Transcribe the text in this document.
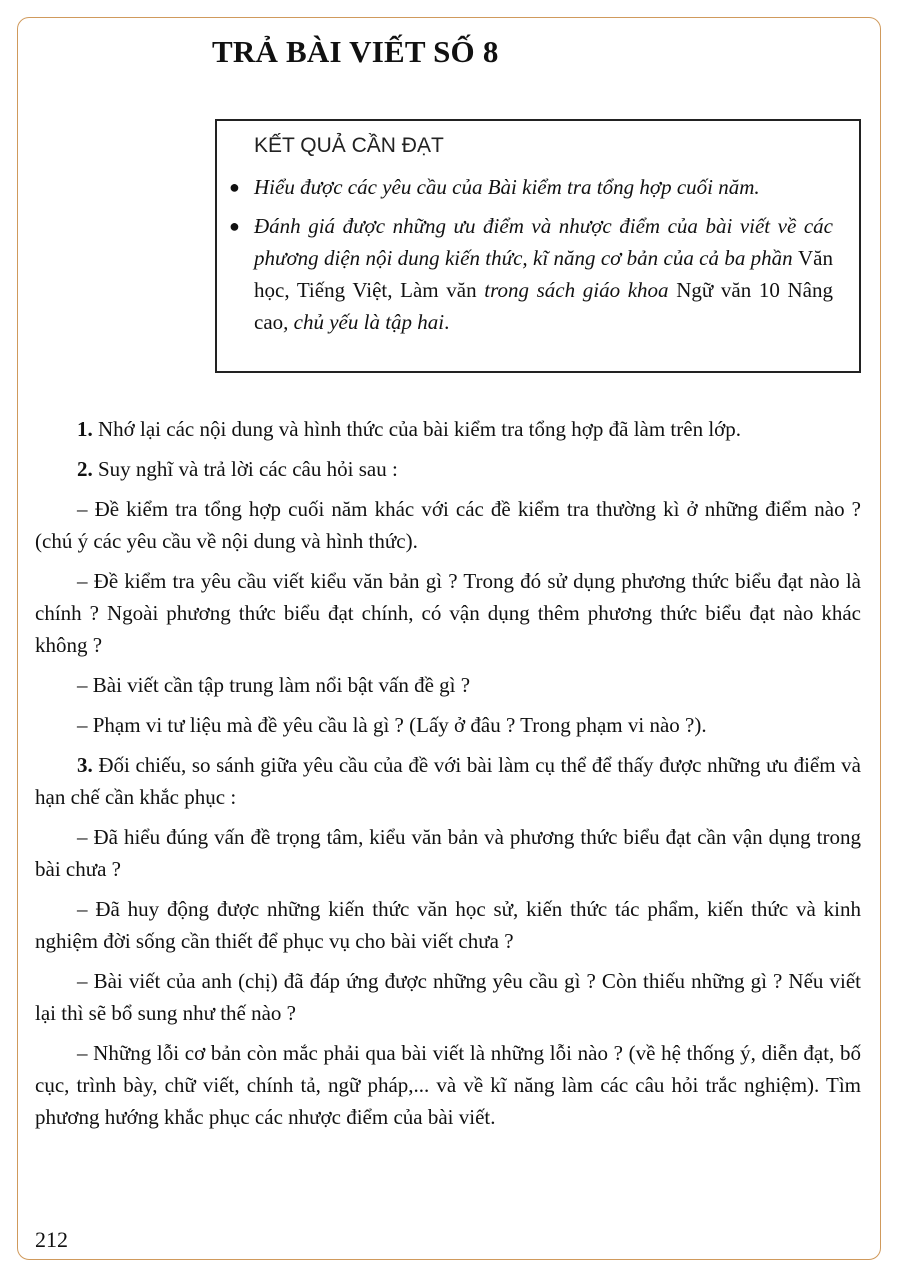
TRẢ BÀI VIẾT SỐ 8
KẾT QUẢ CẦN ĐẠT
● Hiểu được các yêu cầu của Bài kiểm tra tổng hợp cuối năm.
● Đánh giá được những ưu điểm và nhược điểm của bài viết về các phương diện nội dung kiến thức, kĩ năng cơ bản của cả ba phần Văn học, Tiếng Việt, Làm văn trong sách giáo khoa Ngữ văn 10 Nâng cao, chủ yếu là tập hai.

1. Nhớ lại các nội dung và hình thức của bài kiểm tra tổng hợp đã làm trên lớp.

2. Suy nghĩ và trả lời các câu hỏi sau :

– Đề kiểm tra tổng hợp cuối năm khác với các đề kiểm tra thường kì ở những điểm nào ? (chú ý các yêu cầu về nội dung và hình thức).

– Đề kiểm tra yêu cầu viết kiểu văn bản gì ? Trong đó sử dụng phương thức biểu đạt nào là chính ? Ngoài phương thức biểu đạt chính, có vận dụng thêm phương thức biểu đạt nào khác không ?

– Bài viết cần tập trung làm nổi bật vấn đề gì ?

– Phạm vi tư liệu mà đề yêu cầu là gì ? (Lấy ở đâu ? Trong phạm vi nào ?).

3. Đối chiếu, so sánh giữa yêu cầu của đề với bài làm cụ thể để thấy được những ưu điểm và hạn chế cần khắc phục :

– Đã hiểu đúng vấn đề trọng tâm, kiểu văn bản và phương thức biểu đạt cần vận dụng trong bài chưa ?

– Đã huy động được những kiến thức văn học sử, kiến thức tác phẩm, kiến thức và kinh nghiệm đời sống cần thiết để phục vụ cho bài viết chưa ?

– Bài viết của anh (chị) đã đáp ứng được những yêu cầu gì ? Còn thiếu những gì ? Nếu viết lại thì sẽ bổ sung như thế nào ?

– Những lỗi cơ bản còn mắc phải qua bài viết là những lỗi nào ? (về hệ thống ý, diễn đạt, bố cục, trình bày, chữ viết, chính tả, ngữ pháp,... và về kĩ năng làm các câu hỏi trắc nghiệm). Tìm phương hướng khắc phục các nhược điểm của bài viết.

212
